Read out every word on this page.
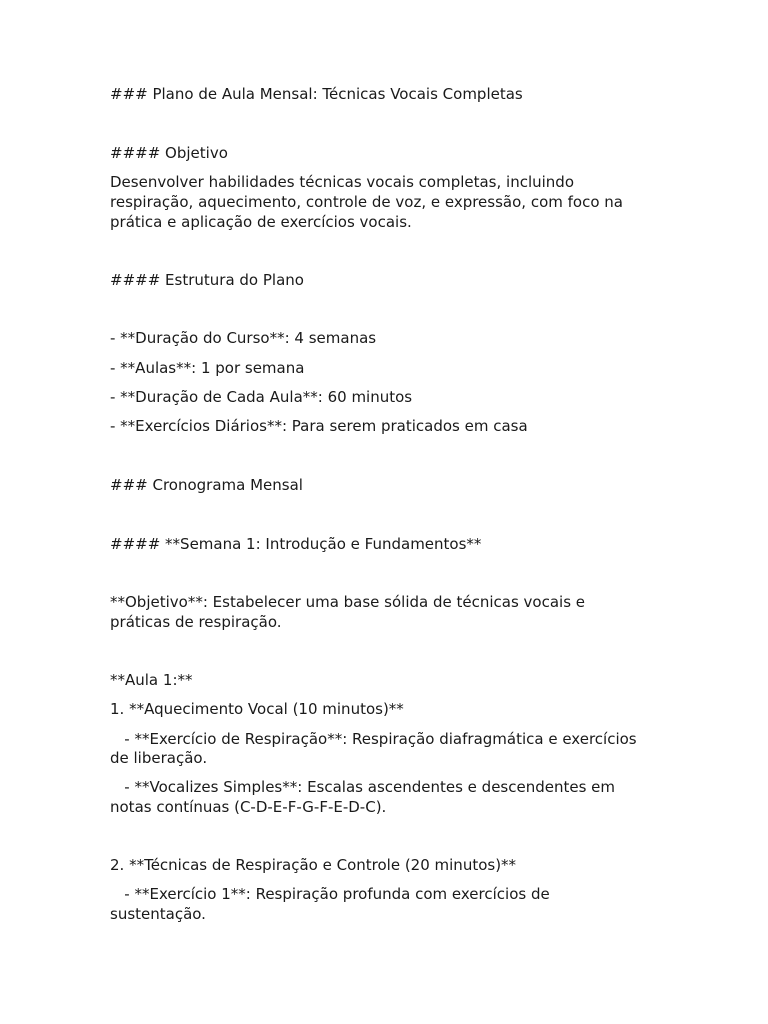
### Plano de Aula Mensal: Técnicas Vocais Completas

#### Objetivo

Desenvolver habilidades técnicas vocais completas, incluindo

respiração, aquecimento, controle de voz, e expressão, com foco na

prática e aplicação de exercícios vocais.

#### Estrutura do Plano

- **Duração do Curso**: 4 semanas

- **Aulas**: 1 por semana

- **Duração de Cada Aula**: 60 minutos

- **Exercícios Diários**: Para serem praticados em casa

### Cronograma Mensal

#### **Semana 1: Introdução e Fundamentos**

**Objetivo**: Estabelecer uma base sólida de técnicas vocais e

práticas de respiração.

**Aula 1:**

1. **Aquecimento Vocal (10 minutos)**

- **Exercício de Respiração**: Respiração diafragmática e exercícios

de liberação.

- **Vocalizes Simples**: Escalas ascendentes e descendentes em

notas contínuas (C-D-E-F-G-F-E-D-C).

2. **Técnicas de Respiração e Controle (20 minutos)**

- **Exercício 1**: Respiração profunda com exercícios de

sustentação.
